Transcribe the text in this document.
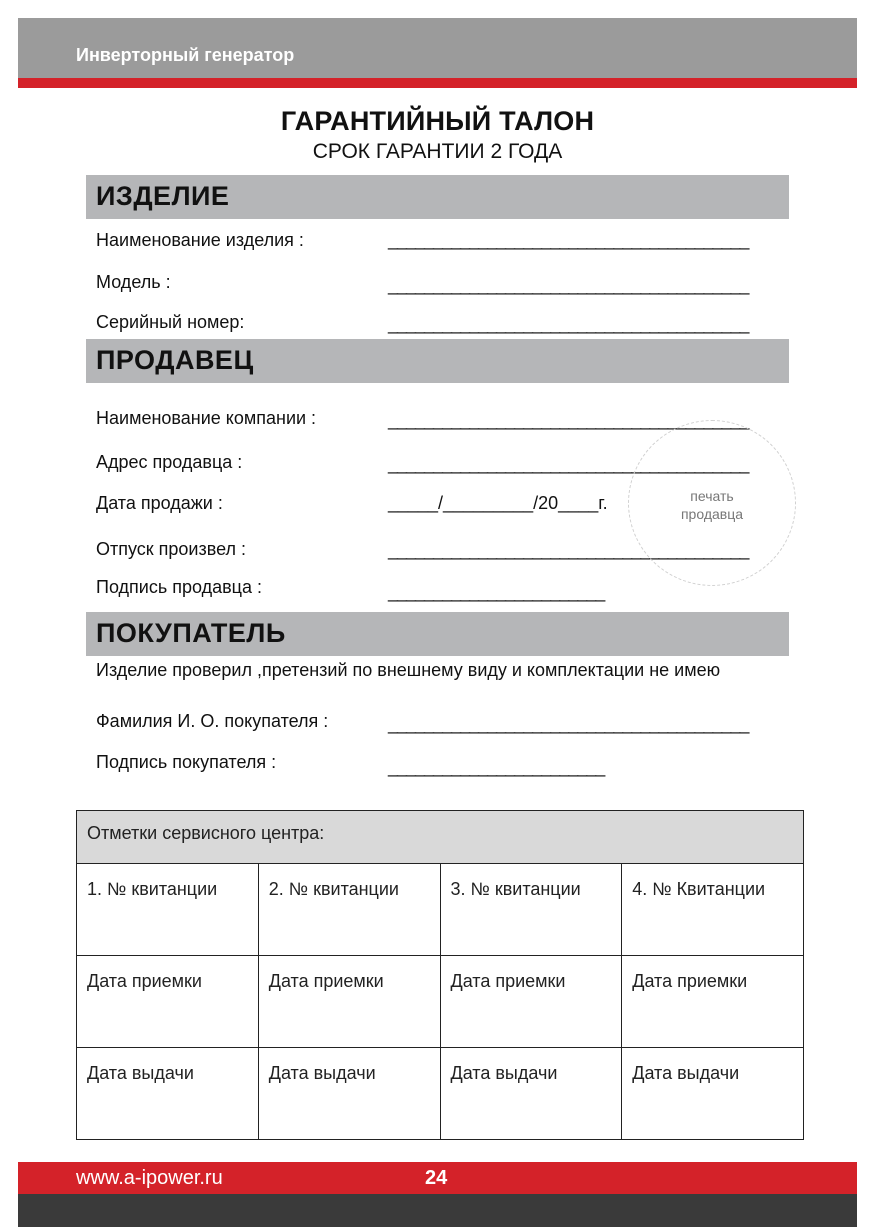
Инверторный генератор
ГАРАНТИЙНЫЙ ТАЛОН
СРОК ГАРАНТИИ 2 ГОДА
ИЗДЕЛИЕ
Наименование изделия :	________________________________________
Модель :	________________________________________
Серийный номер:	________________________________________
ПРОДАВЕЦ
Наименование компании :	________________________________________
Адрес продавца :	________________________________________
Дата продажи :	_____/_________/20____г.
Отпуск произвел :	________________________________________
Подпись продавца :	________________________
печать
продавца
ПОКУПАТЕЛЬ
Изделие проверил ,претензий по внешнему виду и комплектации не имею
Фамилия И. О. покупателя :	________________________________________
Подпись покупателя :	________________________
Отметки сервисного центра:			
1. № квитанции	2. № квитанции	3. № квитанции	4. № Квитанции
Дата приемки	Дата приемки	Дата приемки	Дата приемки
Дата выдачи	Дата выдачи	Дата выдачи	Дата выдачи
www.a-ipower.ru	24
